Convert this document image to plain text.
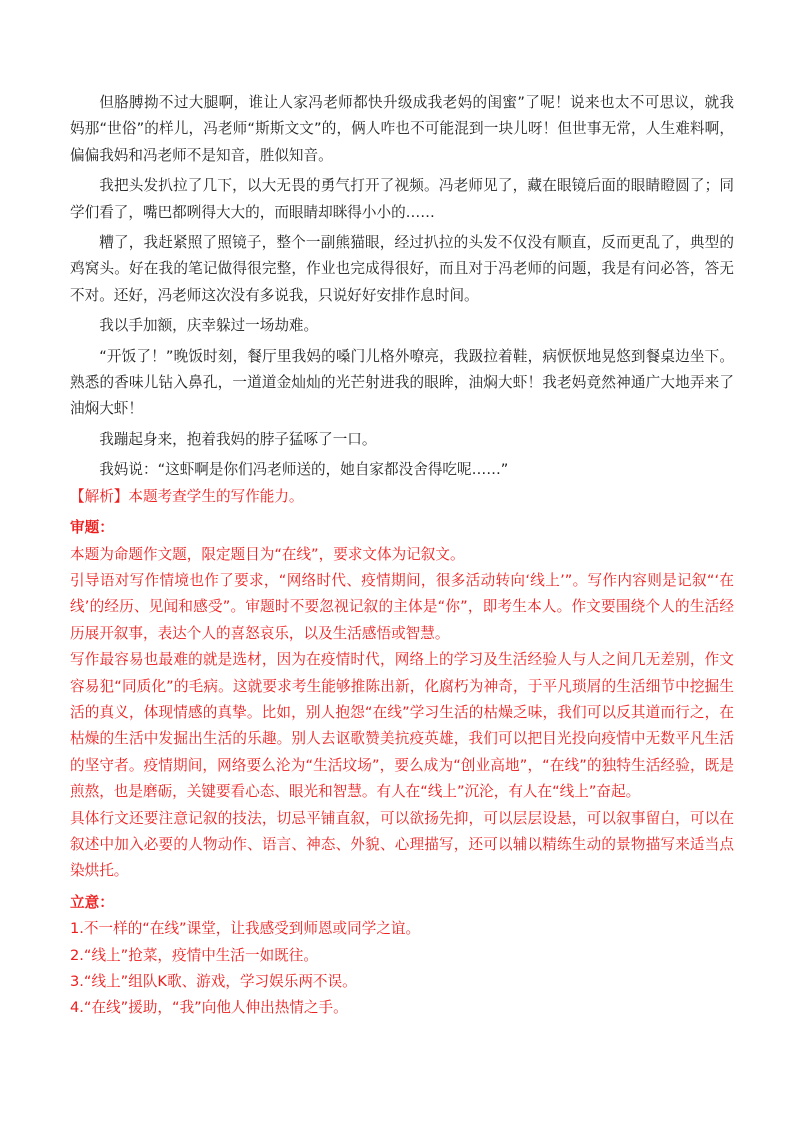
但胳膊拗不过大腿啊，谁让人家冯老师都快升级成我老妈的闺蜜”了呢！说来也太不可思议，就我妈那“世俗”的样儿，冯老师“斯斯文文”的，俩人咋也不可能混到一块儿呀！但世事无常，人生难料啊，偏偏我妈和冯老师不是知音，胜似知音。

我把头发扒拉了几下，以大无畏的勇气打开了视频。冯老师见了，藏在眼镜后面的眼睛瞪圆了；同学们看了，嘴巴都咧得大大的，而眼睛却眯得小小的……

糟了，我赶紧照了照镜子，整个一副熊猫眼，经过扒拉的头发不仅没有顺直，反而更乱了，典型的鸡窝头。好在我的笔记做得很完整，作业也完成得很好，而且对于冯老师的问题，我是有问必答，答无不对。还好，冯老师这次没有多说我，只说好好安排作息时间。

我以手加额，庆幸躲过一场劫难。

“开饭了！”晚饭时刻，餐厅里我妈的嗓门儿格外嘹亮，我趿拉着鞋，病恹恹地晃悠到餐桌边坐下。熟悉的香味儿钻入鼻孔，一道道金灿灿的光芒射进我的眼眸，油焖大虾！我老妈竟然神通广大地弄来了油焖大虾！

我蹦起身来，抱着我妈的脖子猛啄了一口。

我妈说：“这虾啊是你们冯老师送的，她自家都没舍得吃呢……”

【解析】本题考查学生的写作能力。

审题：

本题为命题作文题，限定题目为“在线”，要求文体为记叙文。

引导语对写作情境也作了要求，“网络时代、疫情期间，很多活动转向‘线上’”。写作内容则是记叙“‘在线’的经历、见闻和感受”。审题时不要忽视记叙的主体是“你”，即考生本人。作文要围绕个人的生活经历展开叙事，表达个人的喜怒哀乐，以及生活感悟或智慧。

写作最容易也最难的就是选材，因为在疫情时代，网络上的学习及生活经验人与人之间几无差别，作文容易犯“同质化”的毛病。这就要求考生能够推陈出新，化腐朽为神奇，于平凡琐屑的生活细节中挖掘生活的真义，体现情感的真挚。比如，别人抱怨“在线”学习生活的枯燥乏味，我们可以反其道而行之，在枯燥的生活中发掘出生活的乐趣。别人去讴歌赞美抗疫英雄，我们可以把目光投向疫情中无数平凡生活的坚守者。疫情期间，网络要么沦为“生活坟场”，要么成为“创业高地”，“在线”的独特生活经验，既是煎熬，也是磨砺，关键要看心态、眼光和智慧。有人在“线上”沉沦，有人在“线上”奋起。

具体行文还要注意记叙的技法，切忌平铺直叙，可以欲扬先抑，可以层层设悬，可以叙事留白，可以在叙述中加入必要的人物动作、语言、神态、外貌、心理描写，还可以辅以精练生动的景物描写来适当点染烘托。

立意：

1.不一样的“在线”课堂，让我感受到师恩或同学之谊。

2.“线上”抢菜，疫情中生活一如既往。

3.“线上”组队K歌、游戏，学习娱乐两不误。

4.“在线”援助，“我”向他人伸出热情之手。
